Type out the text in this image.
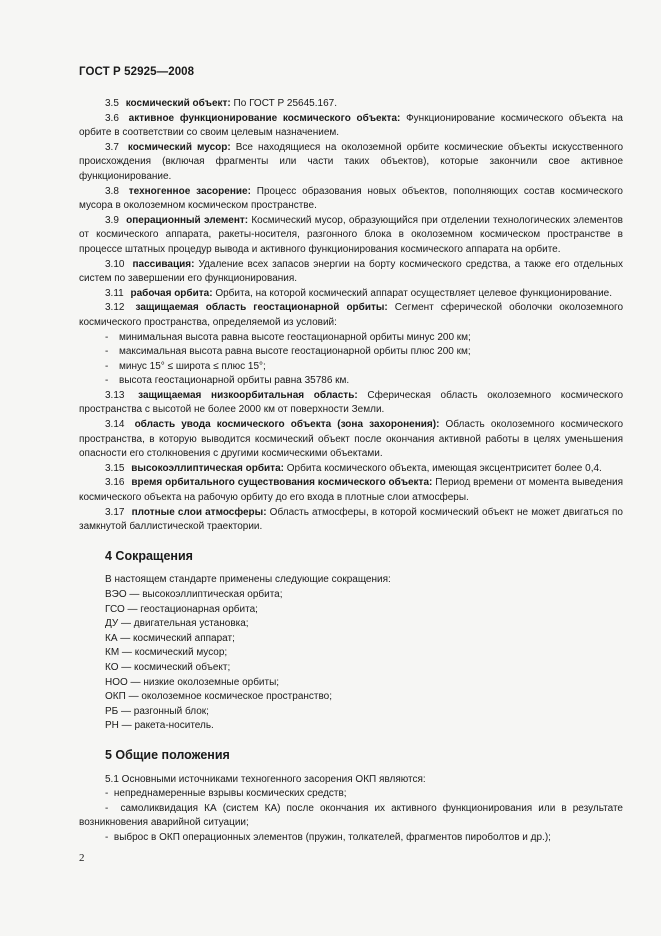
ГОСТ Р 52925—2008

3.5 космический объект: По ГОСТ Р 25645.167.

3.6 активное функционирование космического объекта: Функционирование космического объекта на орбите в соответствии со своим целевым назначением.

3.7 космический мусор: Все находящиеся на околоземной орбите космические объекты искусственного происхождения (включая фрагменты или части таких объектов), которые закончили свое активное функционирование.

3.8 техногенное засорение: Процесс образования новых объектов, пополняющих состав космического мусора в околоземном космическом пространстве.

3.9 операционный элемент: Космический мусор, образующийся при отделении технологических элементов от космического аппарата, ракеты-носителя, разгонного блока в околоземном космическом пространстве в процессе штатных процедур вывода и активного функционирования космического аппарата на орбите.

3.10 пассивация: Удаление всех запасов энергии на борту космического средства, а также его отдельных систем по завершении его функционирования.

3.11 рабочая орбита: Орбита, на которой космический аппарат осуществляет целевое функционирование.

3.12 защищаемая область геостационарной орбиты: Сегмент сферической оболочки околоземного космического пространства, определяемой из условий:

- минимальная высота равна высоте геостационарной орбиты минус 200 км;

- максимальная высота равна высоте геостационарной орбиты плюс 200 км;

- минус 15° ≤ широта ≤ плюс 15°;

- высота геостационарной орбиты равна 35786 км.

3.13 защищаемая низкоорбитальная область: Сферическая область околоземного космического пространства с высотой не более 2000 км от поверхности Земли.

3.14 область увода космического объекта (зона захоронения): Область околоземного космического пространства, в которую выводится космический объект после окончания активной работы в целях уменьшения опасности его столкновения с другими космическими объектами.

3.15 высокоэллиптическая орбита: Орбита космического объекта, имеющая эксцентриситет более 0,4.

3.16 время орбитального существования космического объекта: Период времени от момента выведения космического объекта на рабочую орбиту до его входа в плотные слои атмосферы.

3.17 плотные слои атмосферы: Область атмосферы, в которой космический объект не может двигаться по замкнутой баллистической траектории.

4 Сокращения

В настоящем стандарте применены следующие сокращения:

ВЭО — высокоэллиптическая орбита;

ГСО — геостационарная орбита;

ДУ — двигательная установка;

КА — космический аппарат;

КМ — космический мусор;

КО — космический объект;

НОО — низкие околоземные орбиты;

ОКП — околоземное космическое пространство;

РБ — разгонный блок;

РН — ракета-носитель.

5 Общие положения

5.1 Основными источниками техногенного засорения ОКП являются:

-  непреднамеренные взрывы космических средств;

-  самоликвидация КА (систем КА) после окончания их активного функционирования или в результате возникновения аварийной ситуации;

-  выброс в ОКП операционных элементов (пружин, толкателей, фрагментов пироболтов и др.);

2
